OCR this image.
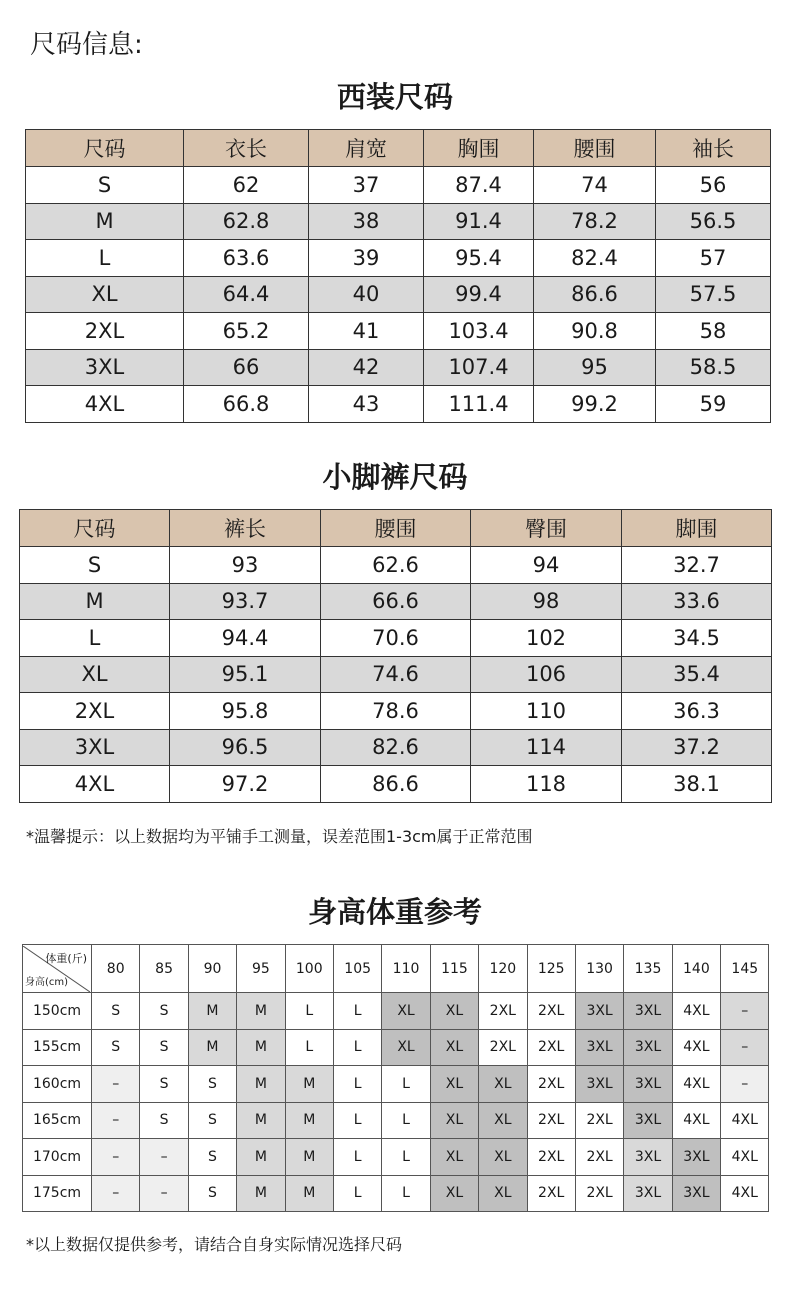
尺码信息:
西装尺码
尺码	衣长	肩宽	胸围	腰围	袖长
S	62	37	87.4	74	56
M	62.8	38	91.4	78.2	56.5
L	63.6	39	95.4	82.4	57
XL	64.4	40	99.4	86.6	57.5
2XL	65.2	41	103.4	90.8	58
3XL	66	42	107.4	95	58.5
4XL	66.8	43	111.4	99.2	59
小脚裤尺码
尺码	裤长	腰围	臀围	脚围
S	93	62.6	94	32.7
M	93.7	66.6	98	33.6
L	94.4	70.6	102	34.5
XL	95.1	74.6	106	35.4
2XL	95.8	78.6	110	36.3
3XL	96.5	82.6	114	37.2
4XL	97.2	86.6	118	38.1
*温馨提示：以上数据均为平铺手工测量，误差范围1-3cm属于正常范围
身高体重参考
体重(斤)
身高(cm)	80	85	90	95	100	105	110	115	120	125	130	135	140	145
150cm	S	S	M	M	L	L	XL	XL	2XL	2XL	3XL	3XL	4XL	–
155cm	S	S	M	M	L	L	XL	XL	2XL	2XL	3XL	3XL	4XL	–
160cm	–	S	S	M	M	L	L	XL	XL	2XL	3XL	3XL	4XL	–
165cm	–	S	S	M	M	L	L	XL	XL	2XL	2XL	3XL	4XL	4XL
170cm	–	–	S	M	M	L	L	XL	XL	2XL	2XL	3XL	3XL	4XL
175cm	–	–	S	M	M	L	L	XL	XL	2XL	2XL	3XL	3XL	4XL
*以上数据仅提供参考，请结合自身实际情况选择尺码
